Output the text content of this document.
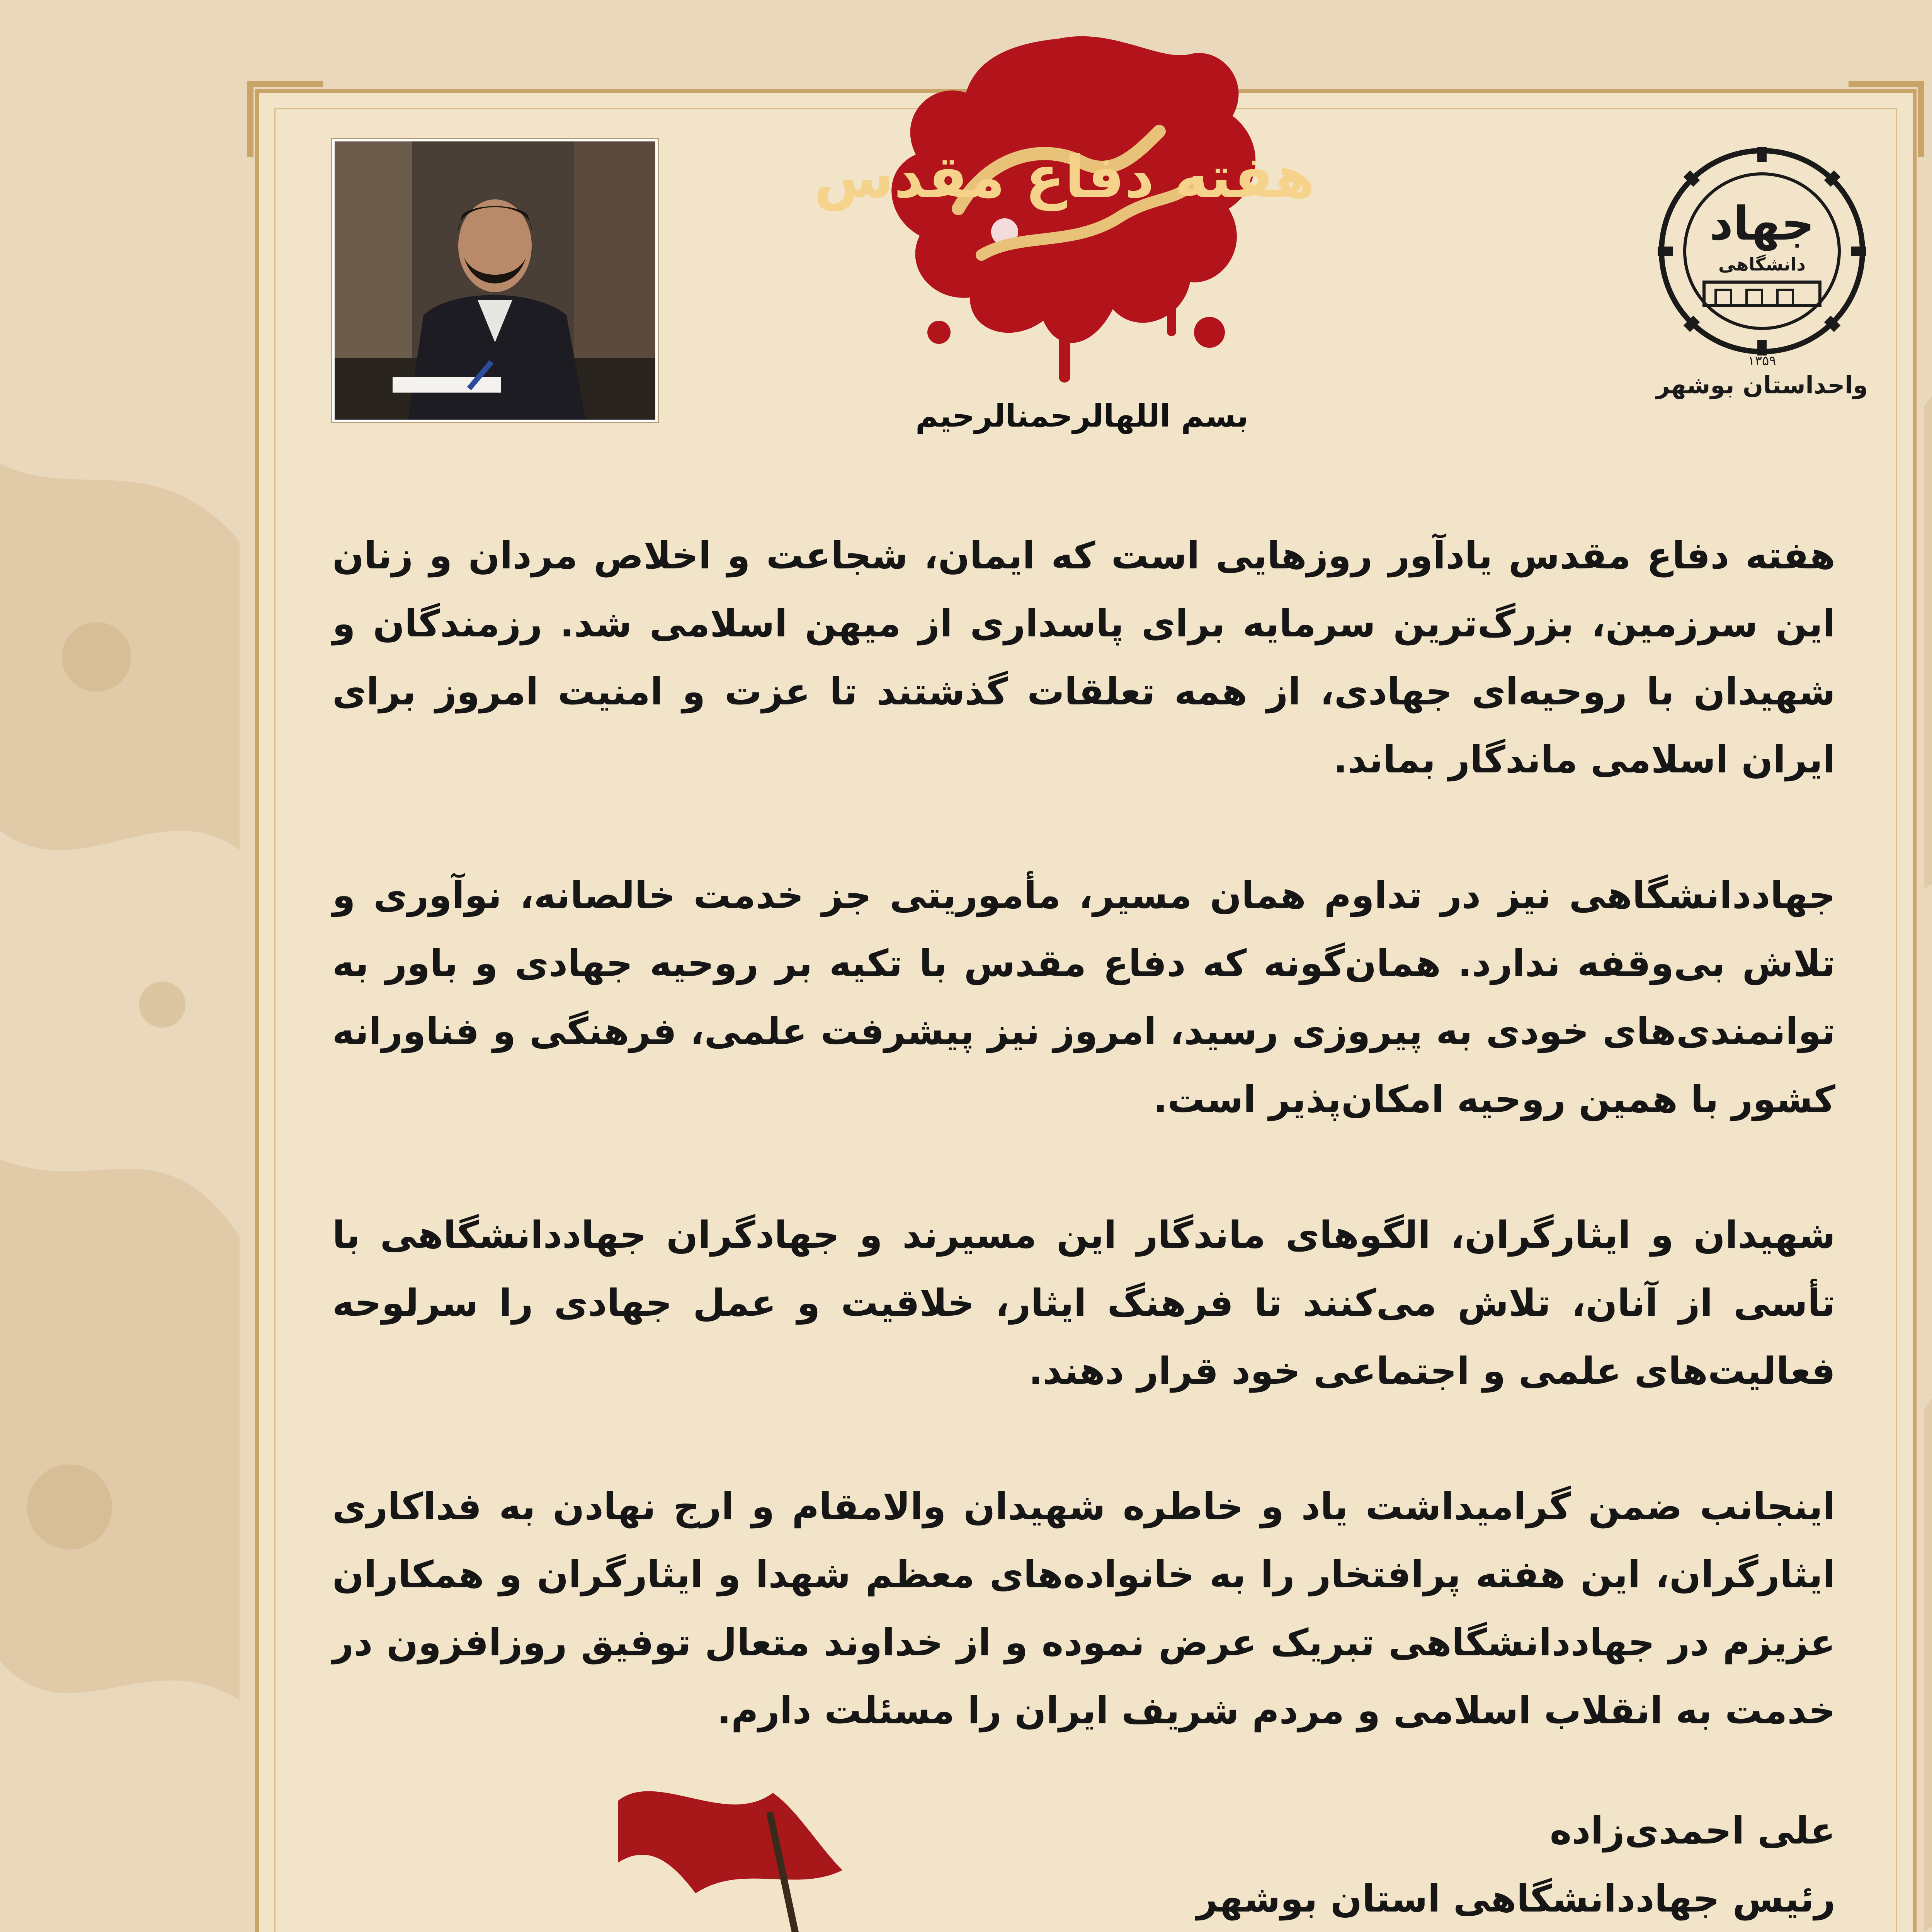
هفته دفاع مقدس
جهاد
دانشگاهی
۱۳۵۹
واحداستان بوشهر
بسم اللهالرحمنالرحیم

هفته دفاع مقدس یادآور روزهایی است که ایمان، شجاعت و اخلاص مردان و زنان این سرزمین، بزرگ‌ترین سرمایه برای پاسداری از میهن اسلامی شد. رزمندگان و شهیدان با روحیه‌ای جهادی، از همه تعلقات گذشتند تا عزت و امنیت امروز برای ایران اسلامی ماندگار بماند.

جهاددانشگاهی نیز در تداوم همان مسیر، مأموریتی جز خدمت خالصانه، نوآوری و تلاش بی‌وقفه ندارد. همان‌گونه که دفاع مقدس با تکیه بر روحیه جهادی و باور به توانمندی‌های خودی به پیروزی رسید، امروز نیز پیشرفت علمی، فرهنگی و فناورانه کشور با همین روحیه امکان‌پذیر است.

شهیدان و ایثارگران، الگوهای ماندگار این مسیرند و جهادگران جهاددانشگاهی با تأسی از آنان، تلاش می‌کنند تا فرهنگ ایثار، خلاقیت و عمل جهادی را سرلوحه فعالیت‌های علمی و اجتماعی خود قرار دهند.

اینجانب ضمن گرامیداشت یاد و خاطره شهیدان والامقام و ارج نهادن به فداکاری ایثارگران، این هفته پرافتخار را به خانواده‌های معظم شهدا و ایثارگران و همکاران عزیزم در جهاددانشگاهی تبریک عرض نموده و از خداوند متعال توفیق روزافزون در خدمت به انقلاب اسلامی و مردم شریف ایران را مسئلت دارم.

علی احمدی‌زاده
رئیس جهاددانشگاهی استان بوشهر
